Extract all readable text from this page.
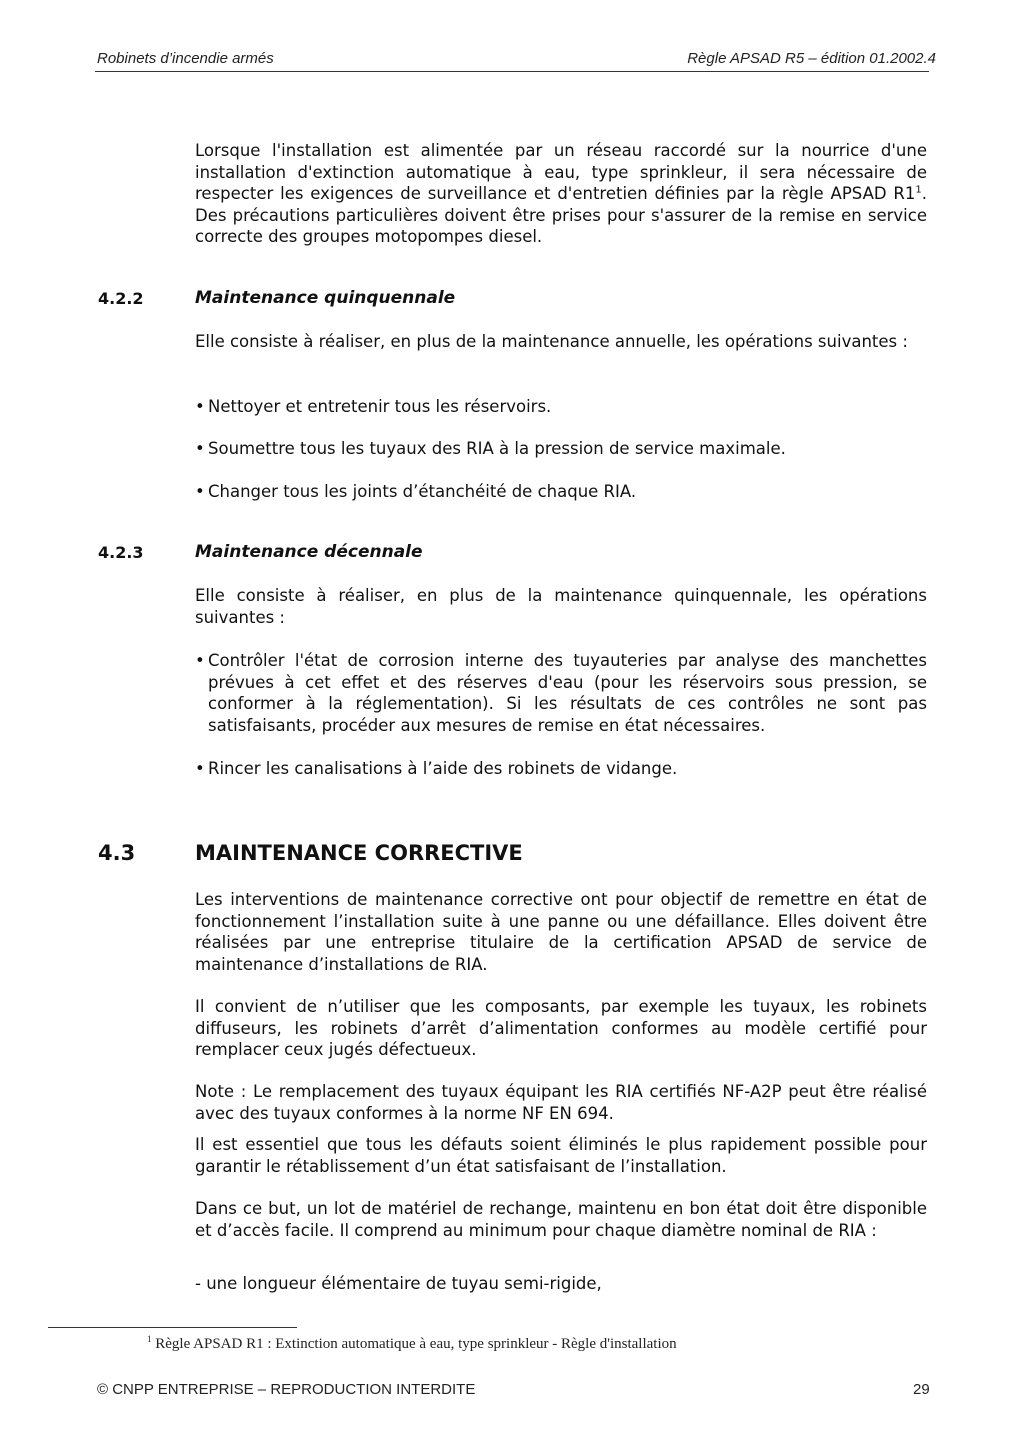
Robinets d’incendie armés	Règle APSAD R5 – édition 01.2002.4
Lorsque l'installation est alimentée par un réseau raccordé sur la nourrice d'une installation d'extinction automatique à eau, type sprinkleur, il sera nécessaire de respecter les exigences de surveillance et d'entretien définies par la règle APSAD $R1^1$. Des précautions particulières doivent être prises pour s'assurer de la remise en service correcte des groupes motopompes diesel.
4.2.2	Maintenance quinquennale
Elle consiste à réaliser, en plus de la maintenance annuelle, les opérations suivantes :
• Nettoyer et entretenir tous les réservoirs.
• Soumettre tous les tuyaux des RIA à la pression de service maximale.
• Changer tous les joints d’étanchéité de chaque RIA.
4.2.3	Maintenance décennale
Elle consiste à réaliser, en plus de la maintenance quinquennale, les opérations suivantes :
• Contrôler l'état de corrosion interne des tuyauteries par analyse des manchettes prévues à cet effet et des réserves d'eau (pour les réservoirs sous pression, se conformer à la réglementation). Si les résultats de ces contrôles ne sont pas satisfaisants, procéder aux mesures de remise en état nécessaires.
• Rincer les canalisations à l’aide des robinets de vidange.
4.3	MAINTENANCE CORRECTIVE
Les interventions de maintenance corrective ont pour objectif de remettre en état de fonctionnement l’installation suite à une panne ou une défaillance. Elles doivent être réalisées par une entreprise titulaire de la certification APSAD de service de maintenance d’installations de RIA.
Il convient de n’utiliser que les composants, par exemple les tuyaux, les robinets diffuseurs, les robinets d’arrêt d’alimentation conformes au modèle certifié pour remplacer ceux jugés défectueux.
Note : Le remplacement des tuyaux équipant les RIA certifiés NF-A2P peut être réalisé avec des tuyaux conformes à la norme NF EN 694.
Il est essentiel que tous les défauts soient éliminés le plus rapidement possible pour garantir le rétablissement d’un état satisfaisant de l’installation.
Dans ce but, un lot de matériel de rechange, maintenu en bon état doit être disponible et d’accès facile. Il comprend au minimum pour chaque diamètre nominal de RIA :
- une longueur élémentaire de tuyau semi-rigide,
$^1$ Règle APSAD R1 : Extinction automatique à eau, type sprinkleur - Règle d'installation
© CNPP ENTREPRISE – REPRODUCTION INTERDITE	29
